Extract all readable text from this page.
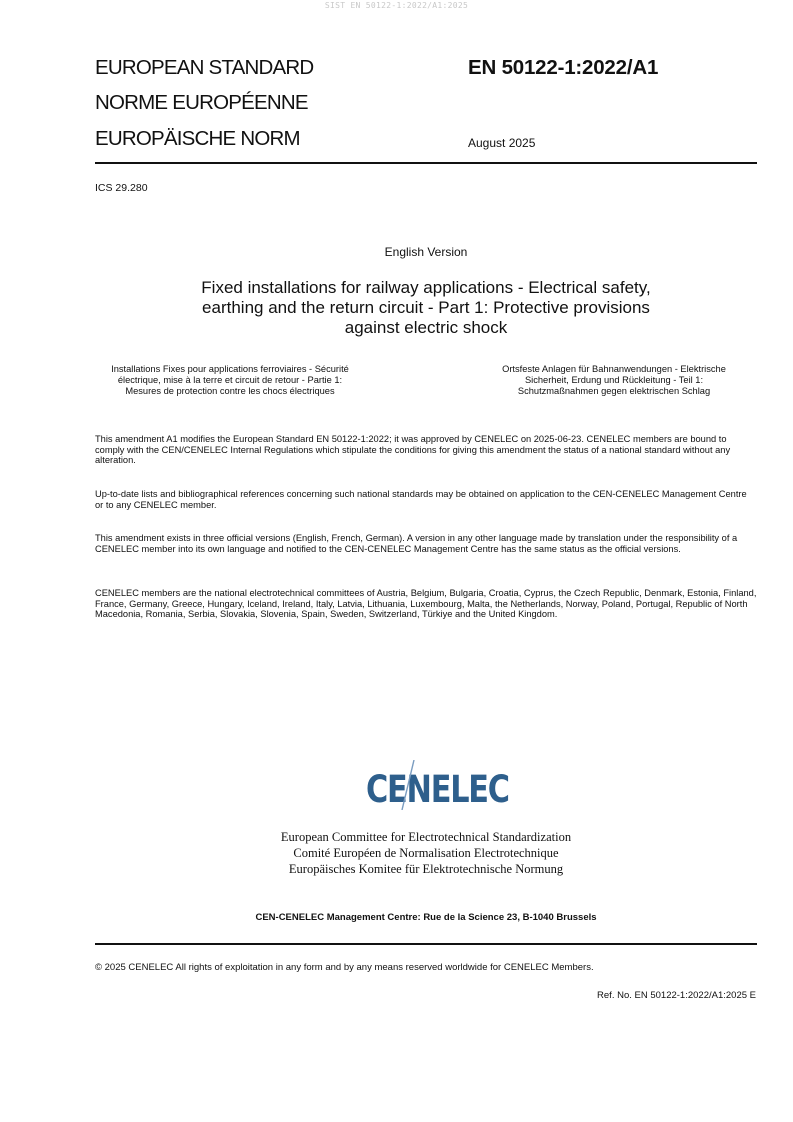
SIST EN 50122-1:2022/A1:2025
EUROPEAN STANDARD
NORME EUROPÉENNE
EUROPÄISCHE NORM
EN 50122-1:2022/A1
August 2025
ICS 29.280
English Version
Fixed installations for railway applications - Electrical safety,
earthing and the return circuit - Part 1: Protective provisions
against electric shock
Installations Fixes pour applications ferroviaires - Sécurité
électrique, mise à la terre et circuit de retour - Partie 1:
Mesures de protection contre les chocs électriques
Ortsfeste Anlagen für Bahnanwendungen - Elektrische
Sicherheit, Erdung und Rückleitung - Teil 1:
Schutzmaßnahmen gegen elektrischen Schlag

This amendment A1 modifies the European Standard EN 50122-1:2022; it was approved by CENELEC on 2025-06-23. CENELEC members are bound to comply with the CEN/CENELEC Internal Regulations which stipulate the conditions for giving this amendment the status of a national standard without any alteration.

Up-to-date lists and bibliographical references concerning such national standards may be obtained on application to the CEN-CENELEC Management Centre or to any CENELEC member.

This amendment exists in three official versions (English, French, German). A version in any other language made by translation under the responsibility of a CENELEC member into its own language and notified to the CEN-CENELEC Management Centre has the same status as the official versions.

CENELEC members are the national electrotechnical committees of Austria, Belgium, Bulgaria, Croatia, Cyprus, the Czech Republic, Denmark, Estonia, Finland, France, Germany, Greece, Hungary, Iceland, Ireland, Italy, Latvia, Lithuania, Luxembourg, Malta, the Netherlands, Norway, Poland, Portugal, Republic of North Macedonia, Romania, Serbia, Slovakia, Slovenia, Spain, Sweden, Switzerland, Türkiye and the United Kingdom.

CENELEC
European Committee for Electrotechnical Standardization
Comité Européen de Normalisation Electrotechnique
Europäisches Komitee für Elektrotechnische Normung
CEN-CENELEC Management Centre: Rue de la Science 23, B-1040 Brussels
© 2025 CENELEC All rights of exploitation in any form and by any means reserved worldwide for CENELEC Members.
Ref. No. EN 50122-1:2022/A1:2025 E
